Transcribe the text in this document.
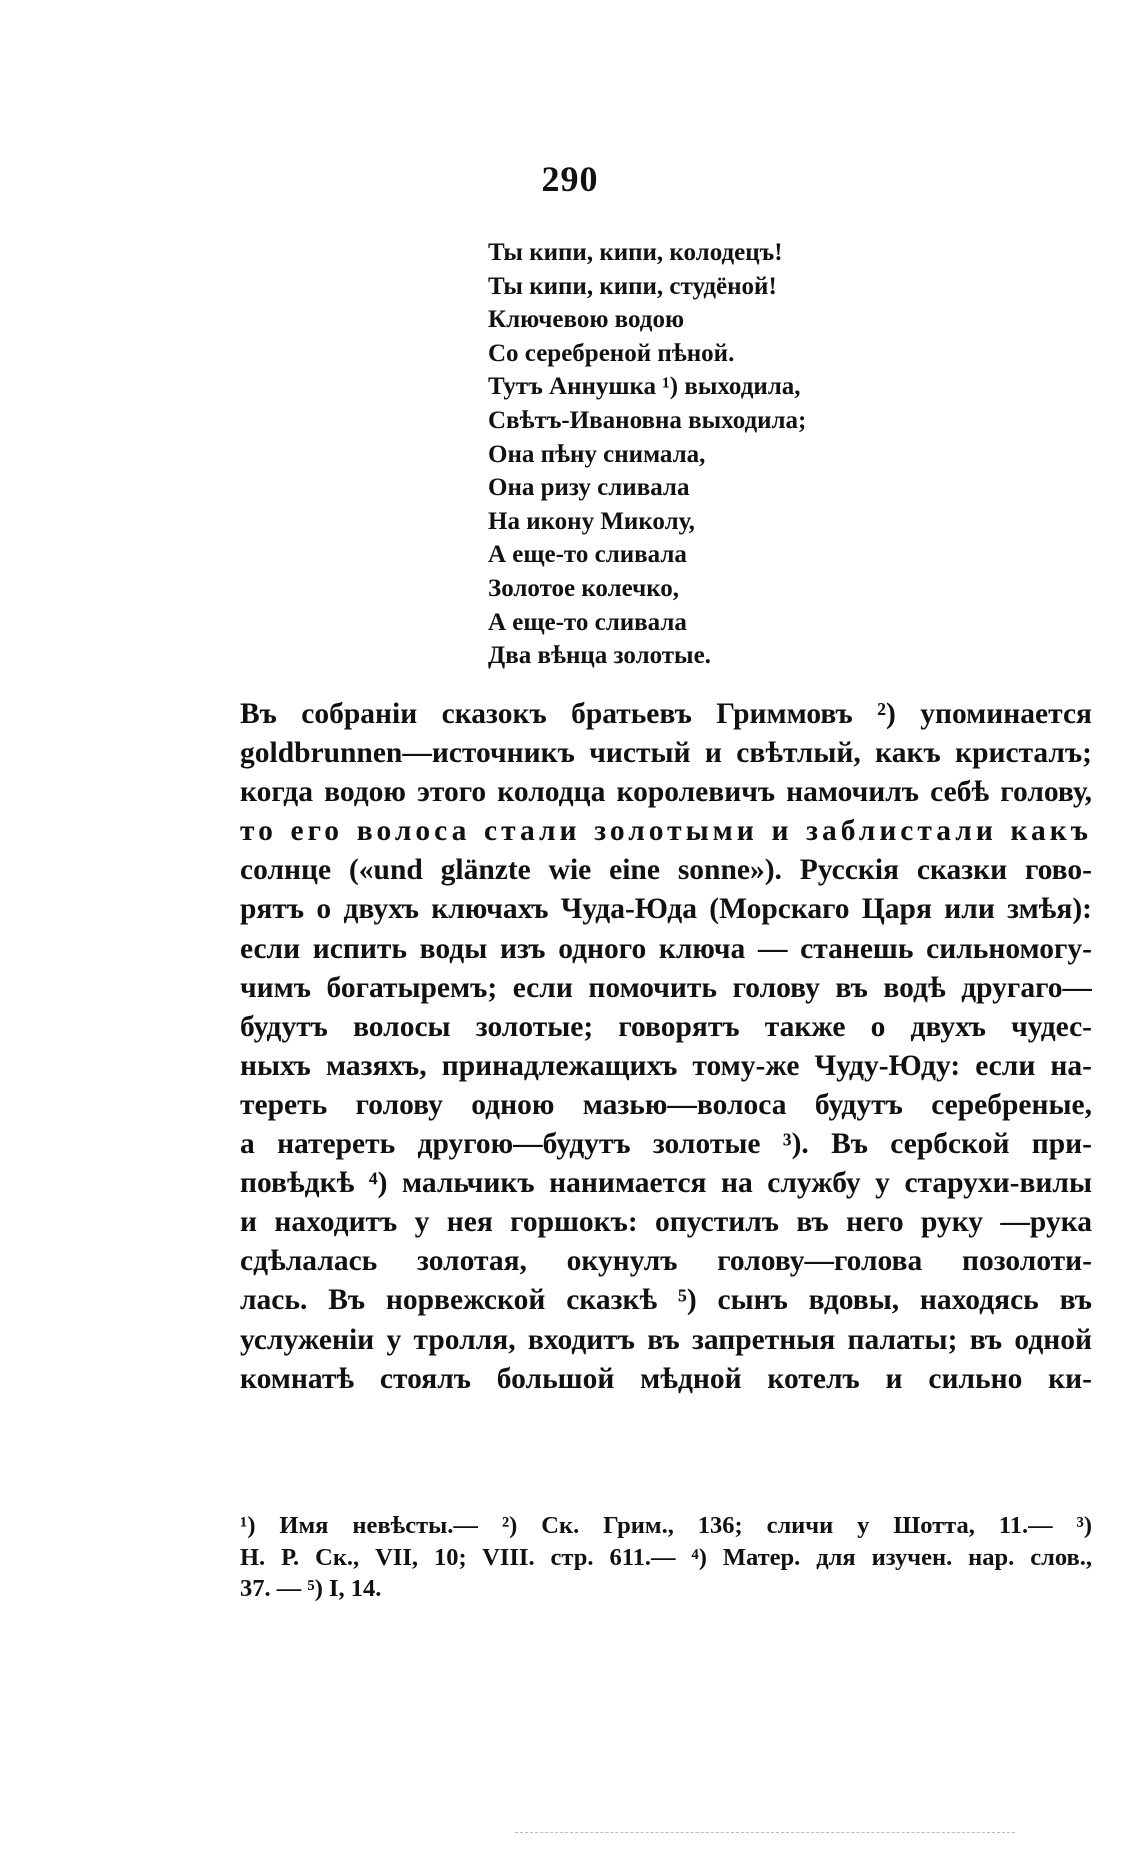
290
Ты кипи, кипи, колодецъ!
Ты кипи, кипи, студёной!
Ключевою водою
Со серебреной пѣной.
Тутъ Аннушка ¹) выходила,
Свѣтъ-Ивановна выходила;
Она пѣну снимала,
Она ризу сливала
На икону Миколу,
А еще-то сливала
Золотое колечко,
А еще-то сливала
Два вѣнца золотые.
Въ собраніи сказокъ братьевъ Гриммовъ ²) упоминается
goldbrunnen—источникъ чистый и свѣтлый, какъ кристалъ;
когда водою этого колодца королевичъ намочилъ себѣ голову,
то его волоса стали золотыми и заблистали какъ
солнце («und glänzte wie eine sonne»). Русскія сказки гово-
рятъ о двухъ ключахъ Чуда-Юда (Морскаго Царя или змѣя):
если испить воды изъ одного ключа — станешь сильномогу-
чимъ богатыремъ; если помочить голову въ водѣ другаго—
будутъ волосы золотые; говорятъ также о двухъ чудес-
ныхъ мазяхъ, принадлежащихъ тому-же Чуду-Юду: если на-
тереть голову одною мазью—волоса будутъ серебреные,
а натереть другою—будутъ золотые ³). Въ сербской при-
повѣдкѣ ⁴) мальчикъ нанимается на службу у старухи-вилы
и находитъ у нея горшокъ: опустилъ въ него руку —рука
сдѣлалась золотая, окунулъ голову—голова позолоти-
лась. Въ норвежской сказкѣ ⁵) сынъ вдовы, находясь въ
услуженіи у тролля, входитъ въ запретныя палаты; въ одной
комнатѣ стоялъ большой мѣдной котелъ и сильно ки-
¹) Имя невѣсты.— ²) Ск. Грим., 136; сличи у Шотта, 11.— ³)
Н. Р. Ск., VII, 10; VIII. стр. 611.— ⁴) Матер. для изучен. нар. слов.,
37. — ⁵) I, 14.
